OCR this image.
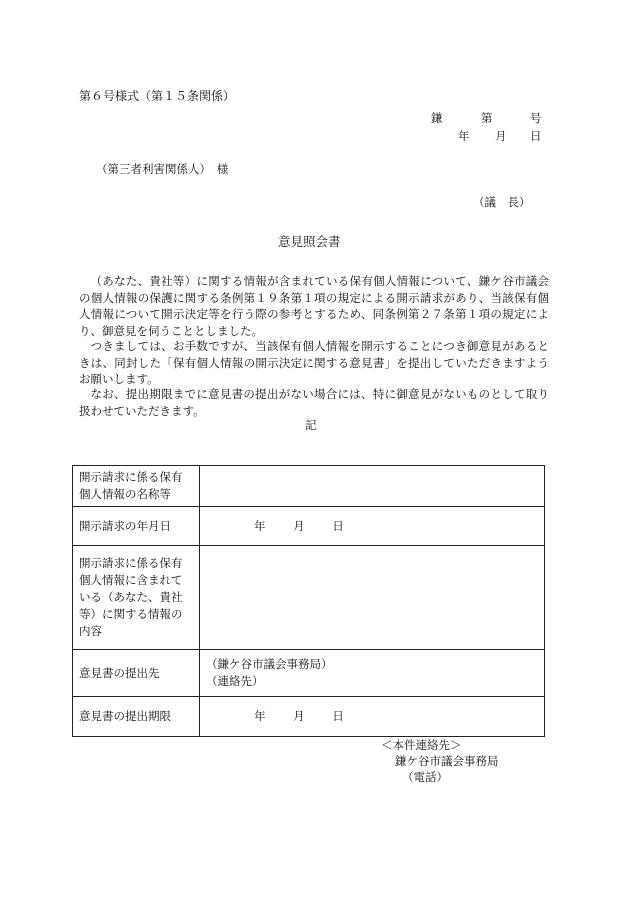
第６号様式（第１５条関係）
鎌	第	号
年 月 日
（第三者利害関係人）　様
（議　長）
意見照会書
（あなた、貴社等）に関する情報が含まれている保有個人情報について、鎌ケ谷市議会の個人情報の保護に関する条例第１９条第１項の規定による開示請求があり、当該保有個人情報について開示決定等を行う際の参考とするため、同条例第２７条第１項の規定により、御意見を伺うこととしました。
つきましては、お手数ですが、当該保有個人情報を開示することにつき御意見があるときは、同封した「保有個人情報の開示決定に関する意見書」を提出していただきますようお願いします。
なお、提出期限までに意見書の提出がない場合には、特に御意見がないものとして取り扱わせていただきます。
記
開示請求に係る保有個人情報の名称等	
開示請求の年月日	年 月 日
開示請求に係る保有個人情報に含まれている（あなた、貴社等）に関する情報の内容	
意見書の提出先	（鎌ケ谷市議会事務局）
（連絡先）

意見書の提出期限	年 月 日
＜本件連絡先＞
鎌ケ谷市議会事務局
（電話）
